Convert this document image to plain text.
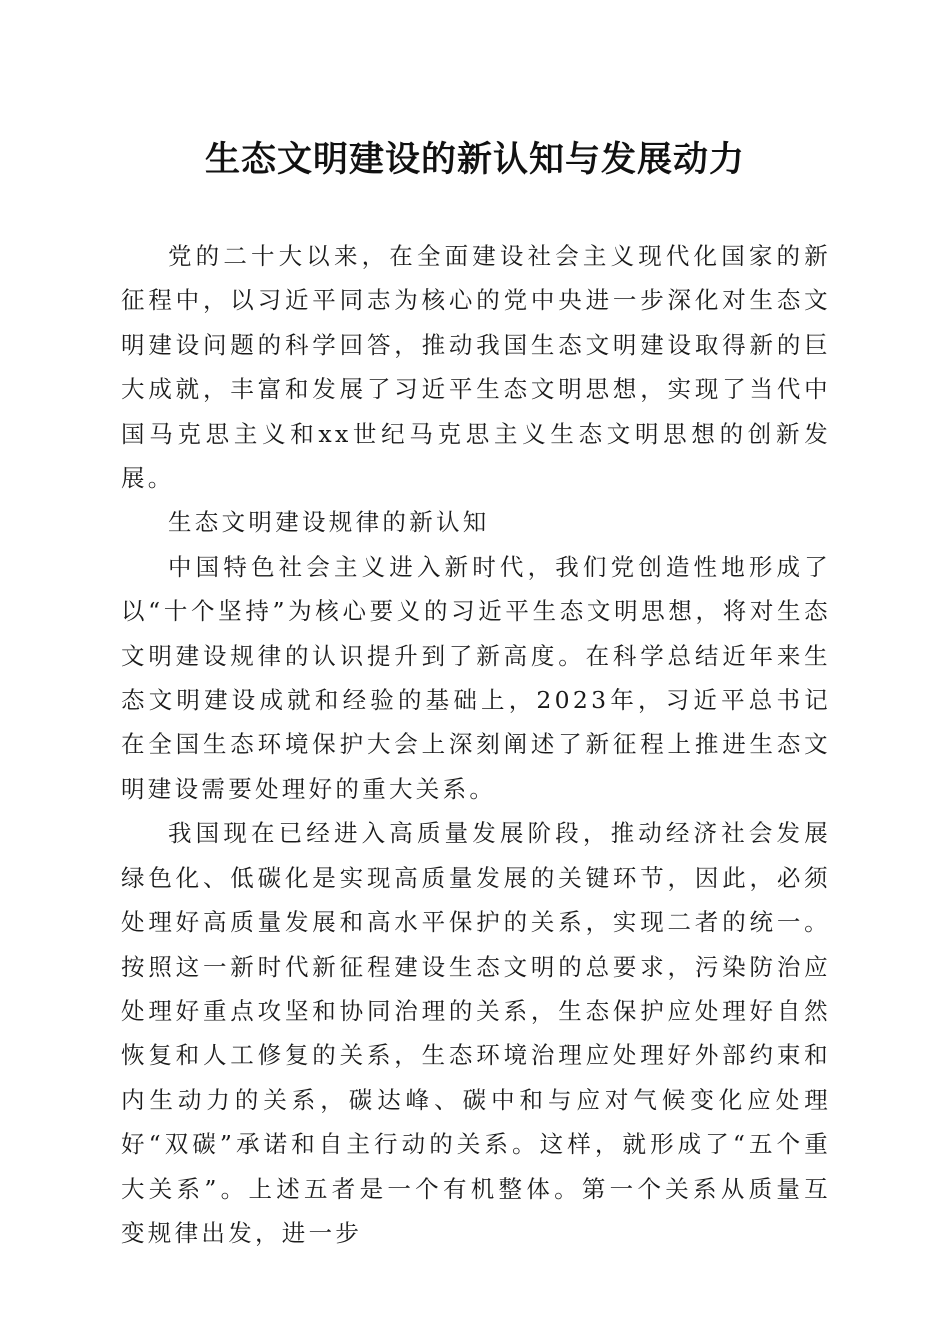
生态文明建设的新认知与发展动力

党的二十大以来，在全面建设社会主义现代化国家的新征程中，以习近平同志为核心的党中央进一步深化对生态文明建设问题的科学回答，推动我国生态文明建设取得新的巨大成就，丰富和发展了习近平生态文明思想，实现了当代中国马克思主义和xx世纪马克思主义生态文明思想的创新发展。

生态文明建设规律的新认知

中国特色社会主义进入新时代，我们党创造性地形成了以“十个坚持”为核心要义的习近平生态文明思想，将对生态文明建设规律的认识提升到了新高度。在科学总结近年来生态文明建设成就和经验的基础上，2023年，习近平总书记在全国生态环境保护大会上深刻阐述了新征程上推进生态文明建设需要处理好的重大关系。

我国现在已经进入高质量发展阶段，推动经济社会发展绿色化、低碳化是实现高质量发展的关键环节，因此，必须处理好高质量发展和高水平保护的关系，实现二者的统一。按照这一新时代新征程建设生态文明的总要求，污染防治应处理好重点攻坚和协同治理的关系，生态保护应处理好自然恢复和人工修复的关系，生态环境治理应处理好外部约束和内生动力的关系，碳达峰、碳中和与应对气候变化应处理好“双碳”承诺和自主行动的关系。这样，就形成了“五个重大关系”。上述五者是一个有机整体。第一个关系从质量互变规律出发，进一步
